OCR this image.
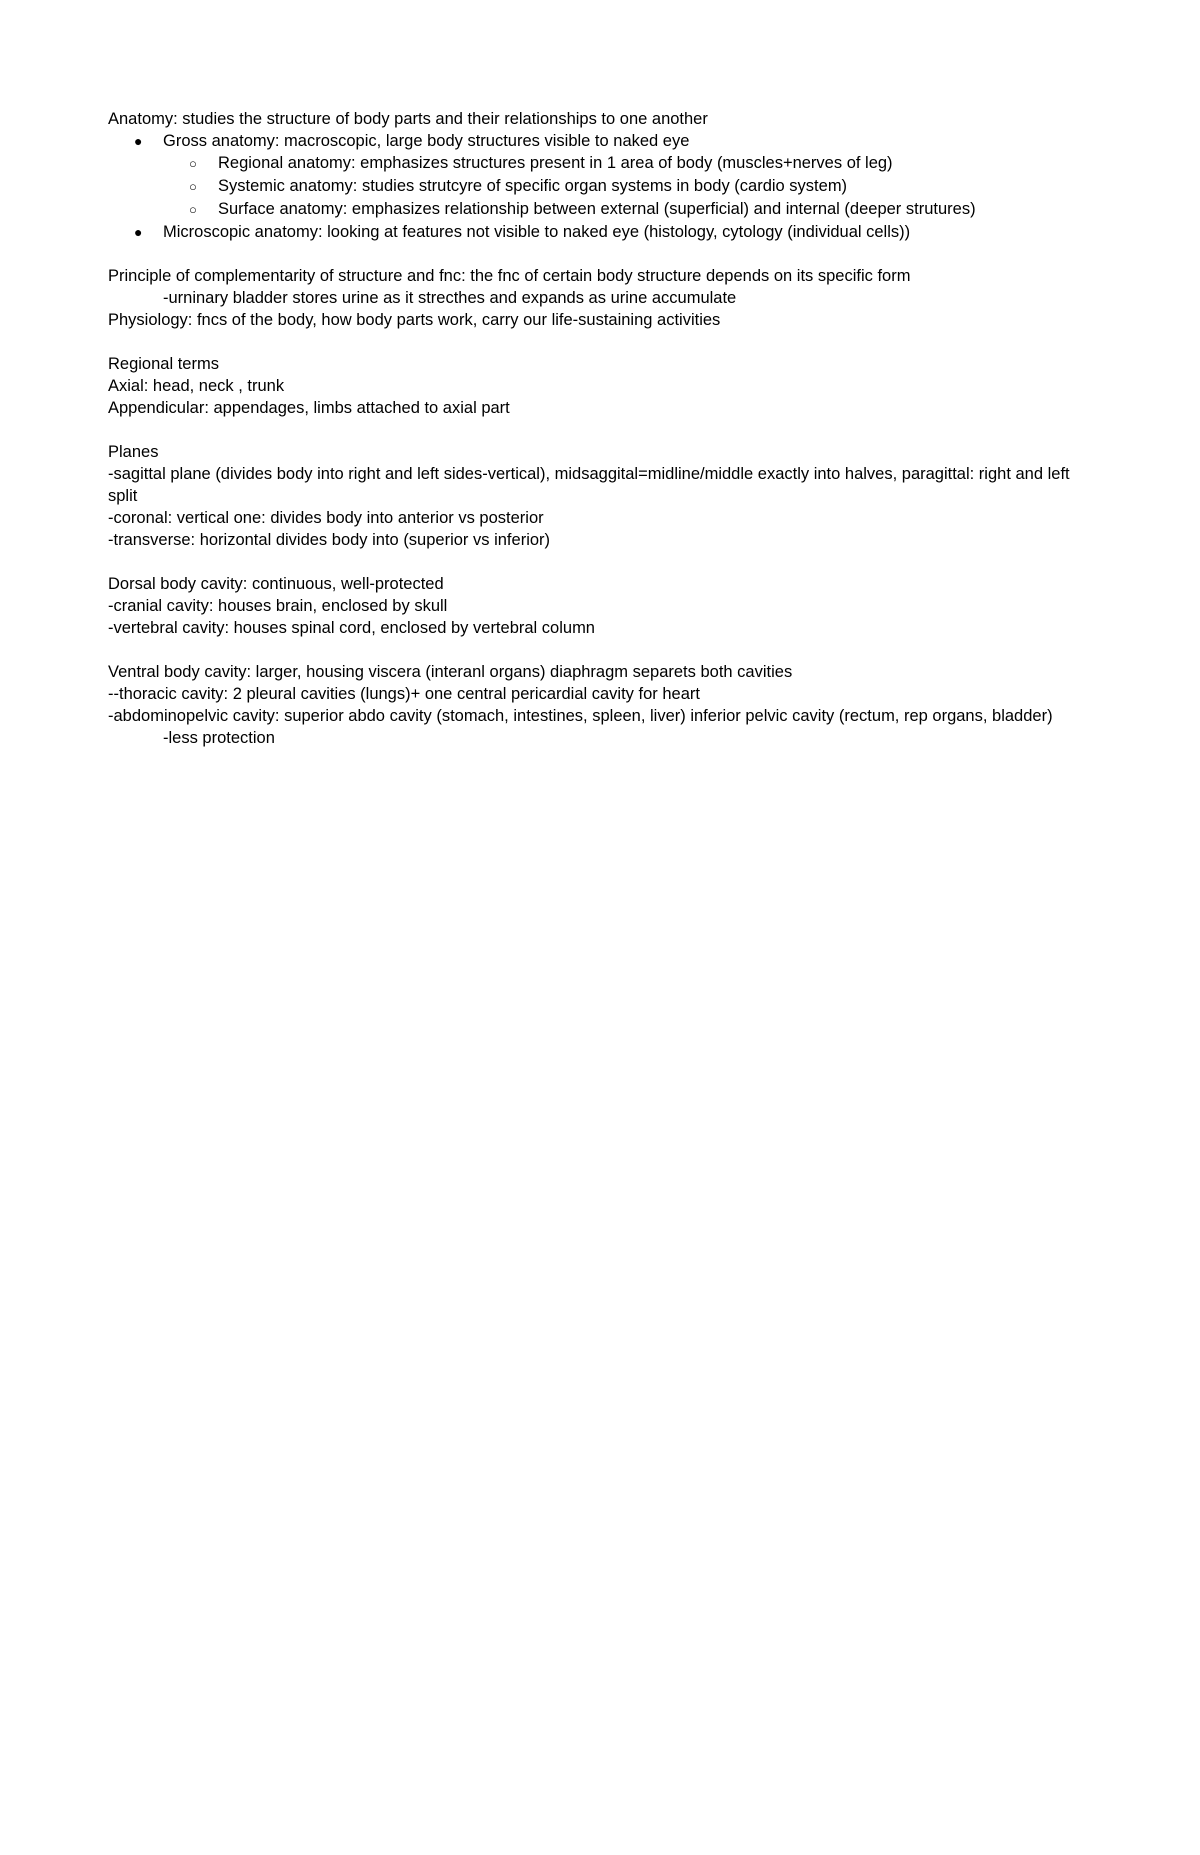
Anatomy: studies the structure of body parts and their relationships to one another

●	Gross anatomy: macroscopic, large body structures visible to naked eye
○	Regional anatomy: emphasizes structures present in 1 area of body (muscles+nerves of leg)
○	Systemic anatomy: studies strutcyre of specific organ systems in body (cardio system)
○	Surface anatomy: emphasizes relationship between external (superficial) and internal (deeper strutures)
●	Microscopic anatomy: looking at features not visible to naked eye (histology, cytology (individual cells))

Principle of complementarity of structure and fnc: the fnc of certain body structure depends on its specific form

-urninary bladder stores urine as it strecthes and expands as urine accumulate

Physiology: fncs of the body, how body parts work, carry our life-sustaining activities

Regional terms

Axial: head, neck , trunk

Appendicular: appendages, limbs attached to axial part

Planes

-sagittal plane (divides body into right and left sides-vertical), midsaggital=midline/middle exactly into halves, paragittal: right and left split

-coronal: vertical one: divides body into anterior vs posterior

-transverse: horizontal divides body into (superior vs inferior)

Dorsal body cavity: continuous, well-protected

-cranial cavity: houses brain, enclosed by skull

-vertebral cavity: houses spinal cord, enclosed by vertebral column

Ventral body cavity: larger, housing viscera (interanl organs) diaphragm separets both cavities

--thoracic cavity: 2 pleural cavities (lungs)+ one central pericardial cavity for heart

-abdominopelvic cavity: superior abdo cavity (stomach, intestines, spleen, liver) inferior pelvic cavity (rectum, rep organs, bladder)

-less protection
